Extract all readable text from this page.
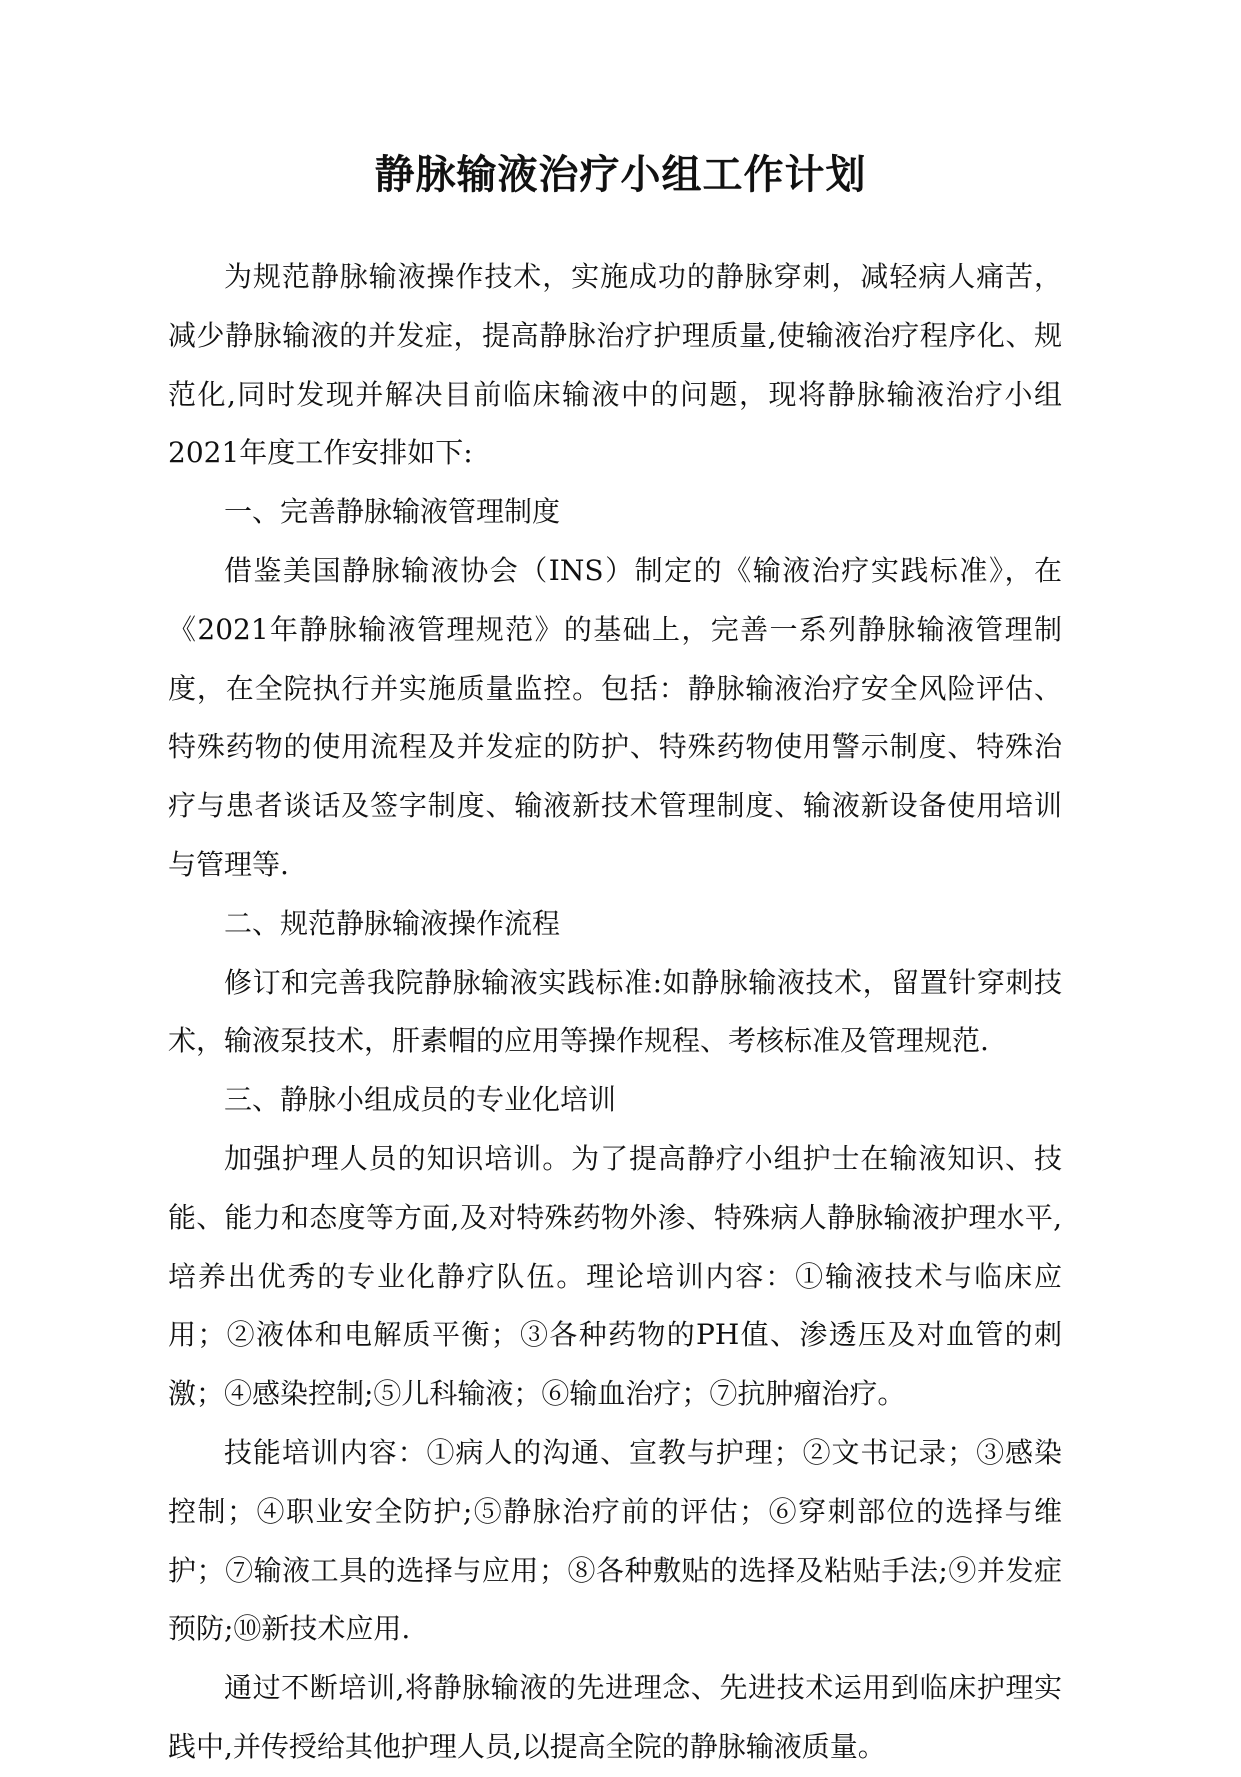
静脉输液治疗小组工作计划

为规范静脉输液操作技术，实施成功的静脉穿刺，减轻病人痛苦，减少静脉输液的并发症，提高静脉治疗护理质量,使输液治疗程序化、规范化,同时发现并解决目前临床输液中的问题，现将静脉输液治疗小组2021年度工作安排如下:

一、完善静脉输液管理制度

借鉴美国静脉输液协会（INS）制定的《输液治疗实践标准》，在《2021年静脉输液管理规范》的基础上，完善一系列静脉输液管理制度，在全院执行并实施质量监控。包括：静脉输液治疗安全风险评估、特殊药物的使用流程及并发症的防护、特殊药物使用警示制度、特殊治疗与患者谈话及签字制度、输液新技术管理制度、输液新设备使用培训与管理等.

二、规范静脉输液操作流程

修订和完善我院静脉输液实践标准:如静脉输液技术，留置针穿刺技术，输液泵技术，肝素帽的应用等操作规程、考核标准及管理规范.

三、静脉小组成员的专业化培训

加强护理人员的知识培训。为了提高静疗小组护士在输液知识、技能、能力和态度等方面,及对特殊药物外渗、特殊病人静脉输液护理水平,培养出优秀的专业化静疗队伍。理论培训内容：①输液技术与临床应用；②液体和电解质平衡；③各种药物的PH值、渗透压及对血管的刺激；④感染控制;⑤儿科输液；⑥输血治疗；⑦抗肿瘤治疗。

技能培训内容：①病人的沟通、宣教与护理；②文书记录；③感染控制；④职业安全防护;⑤静脉治疗前的评估；⑥穿刺部位的选择与维护；⑦输液工具的选择与应用；⑧各种敷贴的选择及粘贴手法;⑨并发症预防;⑩新技术应用.

通过不断培训,将静脉输液的先进理念、先进技术运用到临床护理实践中,并传授给其他护理人员,以提高全院的静脉输液质量。
